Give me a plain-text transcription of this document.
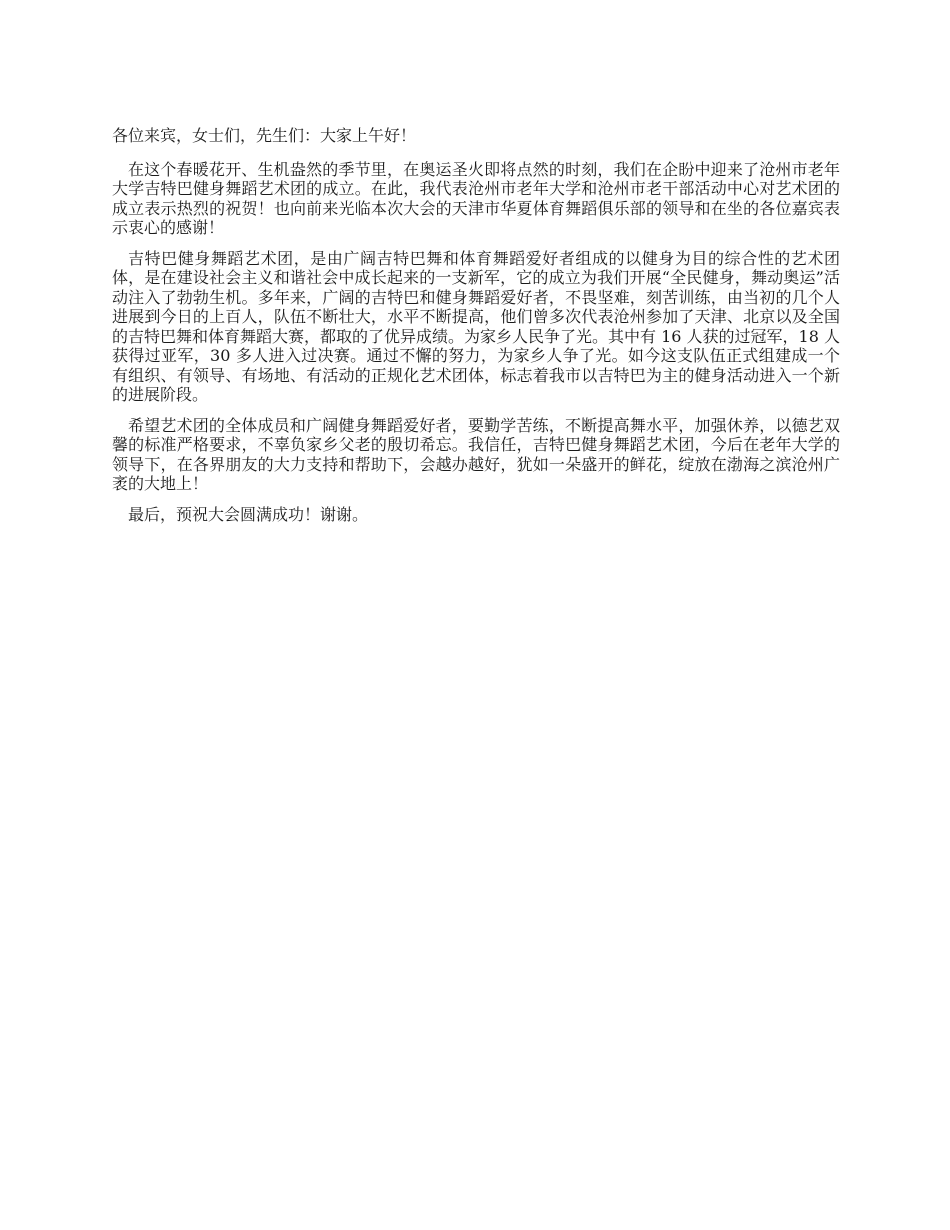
各位来宾，女士们，先生们：大家上午好！

在这个春暖花开、生机盎然的季节里，在奥运圣火即将点然的时刻，我们在企盼中迎来了沧州市老年大学吉特巴健身舞蹈艺术团的成立。在此，我代表沧州市老年大学和沧州市老干部活动中心对艺术团的成立表示热烈的祝贺！也向前来光临本次大会的天津市华夏体育舞蹈俱乐部的领导和在坐的各位嘉宾表示衷心的感谢！

吉特巴健身舞蹈艺术团，是由广阔吉特巴舞和体育舞蹈爱好者组成的以健身为目的综合性的艺术团体，是在建设社会主义和谐社会中成长起来的一支新军，它的成立为我们开展“全民健身，舞动奥运”活动注入了勃勃生机。多年来，广阔的吉特巴和健身舞蹈爱好者，不畏坚难，刻苦训练，由当初的几个人进展到今日的上百人，队伍不断壮大，水平不断提高，他们曾多次代表沧州参加了天津、北京以及全国的吉特巴舞和体育舞蹈大赛，都取的了优异成绩。为家乡人民争了光。其中有 16 人获的过冠军，18 人获得过亚军，30 多人进入过决赛。通过不懈的努力，为家乡人争了光。如今这支队伍正式组建成一个有组织、有领导、有场地、有活动的正规化艺术团体，标志着我市以吉特巴为主的健身活动进入一个新的进展阶段。

希望艺术团的全体成员和广阔健身舞蹈爱好者，要勤学苦练，不断提高舞水平，加强休养，以德艺双馨的标准严格要求，不辜负家乡父老的殷切希忘。我信任，吉特巴健身舞蹈艺术团，今后在老年大学的领导下，在各界朋友的大力支持和帮助下，会越办越好，犹如一朵盛开的鲜花，绽放在渤海之滨沧州广袤的大地上！

最后，预祝大会圆满成功！谢谢。
